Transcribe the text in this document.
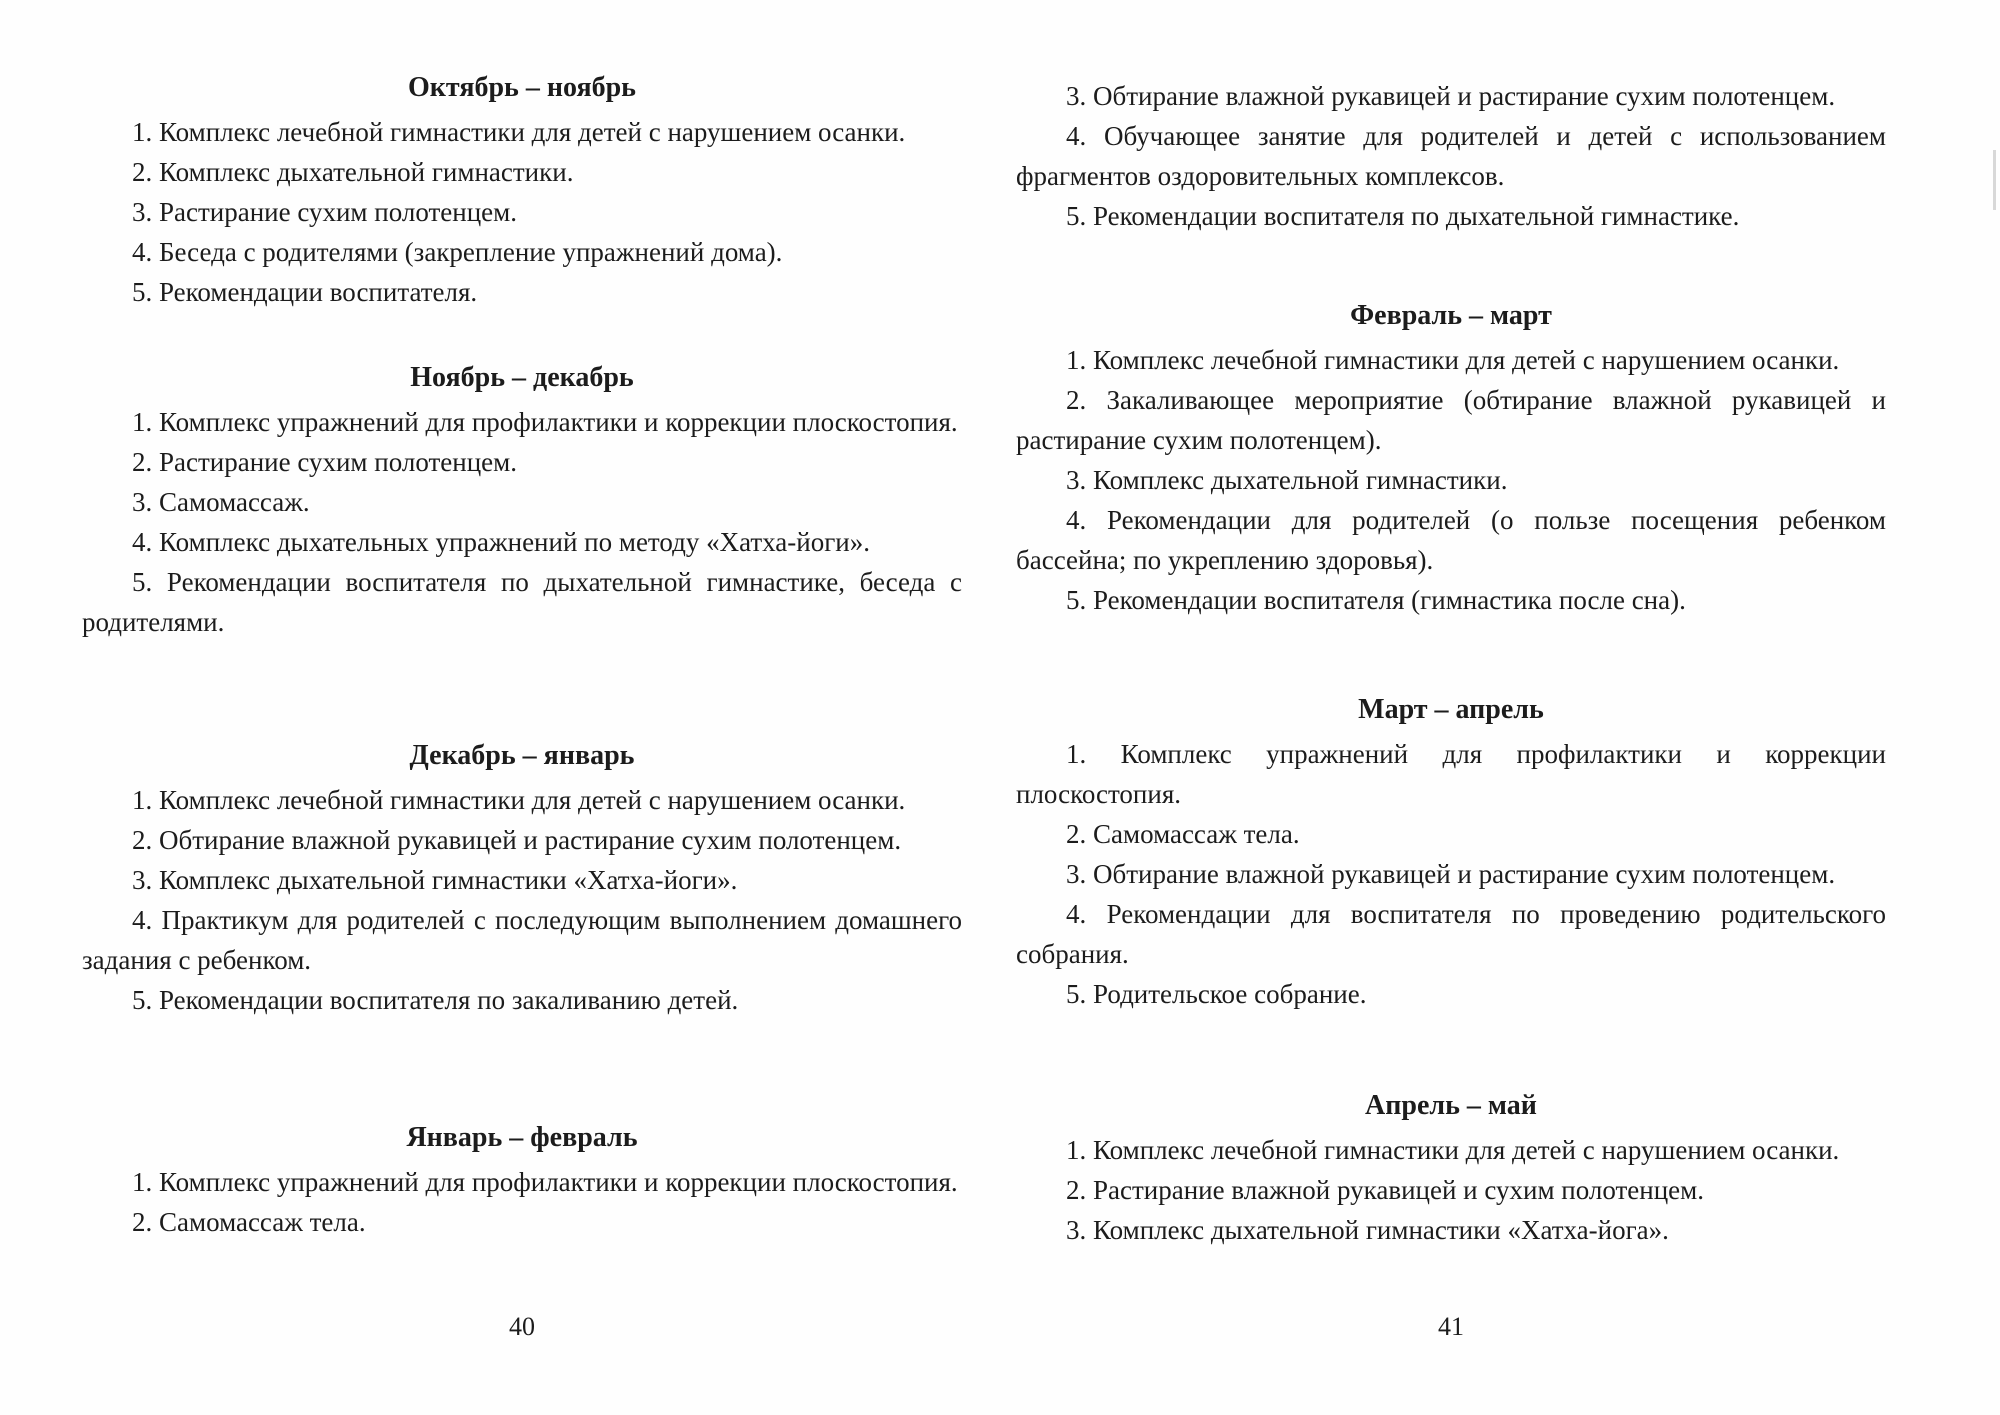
Октябрь – ноябрь

1. Комплекс лечебной гимнастики для детей с нарушением осанки.

2. Комплекс дыхательной гимнастики.

3. Растирание сухим полотенцем.

4. Беседа с родителями (закрепление упражнений дома).

5. Рекомендации воспитателя.

Ноябрь – декабрь

1. Комплекс упражнений для профилактики и коррекции плоскостопия.

2. Растирание сухим полотенцем.

3. Самомассаж.

4. Комплекс дыхательных упражнений по методу «Хатха-йоги».

5. Рекомендации воспитателя по дыхательной гимнастике, беседа с родителями.

Декабрь – январь

1. Комплекс лечебной гимнастики для детей с нарушением осанки.

2. Обтирание влажной рукавицей и растирание сухим полотенцем.

3. Комплекс дыхательной гимнастики «Хатха-йоги».

4. Практикум для родителей с последующим выполнением домашнего задания с ребенком.

5. Рекомендации воспитателя по закаливанию детей.

Январь – февраль

1. Комплекс упражнений для профилактики и коррекции плоскостопия.

2. Самомассаж тела.

40

3. Обтирание влажной рукавицей и растирание сухим полотенцем.

4. Обучающее занятие для родителей и детей с использованием фрагментов оздоровительных комплексов.

5. Рекомендации воспитателя по дыхательной гимнастике.

Февраль – март

1. Комплекс лечебной гимнастики для детей с нарушением осанки.

2. Закаливающее мероприятие (обтирание влажной рукавицей и растирание сухим полотенцем).

3. Комплекс дыхательной гимнастики.

4. Рекомендации для родителей (о пользе посещения ребенком бассейна; по укреплению здоровья).

5. Рекомендации воспитателя (гимнастика после сна).

Март – апрель

1. Комплекс упражнений для профилактики и коррекции плоскостопия.

2. Самомассаж тела.

3. Обтирание влажной рукавицей и растирание сухим полотенцем.

4. Рекомендации для воспитателя по проведению родительского собрания.

5. Родительское собрание.

Апрель – май

1. Комплекс лечебной гимнастики для детей с нарушением осанки.

2. Растирание влажной рукавицей и сухим полотенцем.

3. Комплекс дыхательной гимнастики «Хатха-йога».

41
